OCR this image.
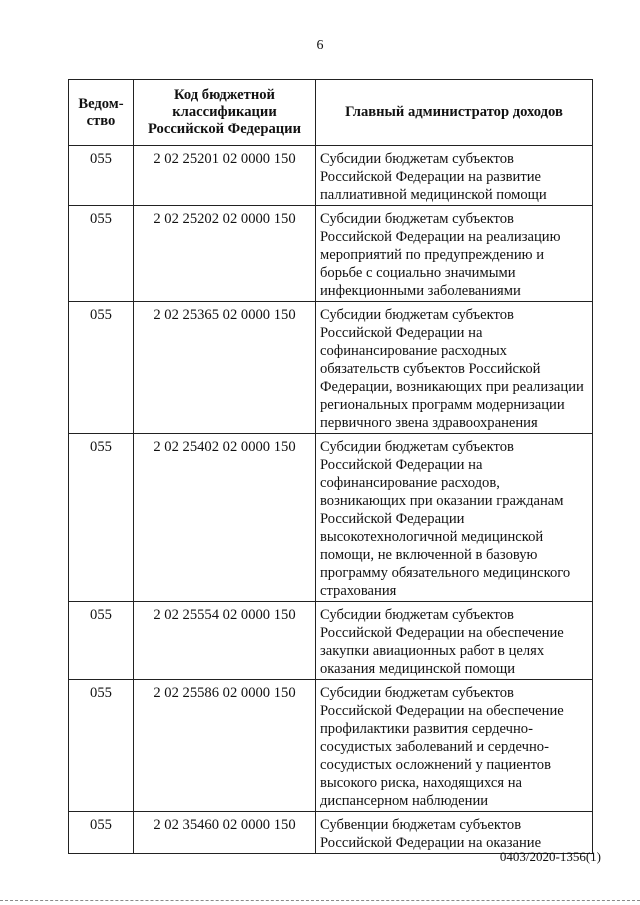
6
Ведом-ство	Код бюджетной классификации Российской Федерации	Главный администратор доходов
055	2 02 25201 02 0000 150	Субсидии бюджетам субъектов Российской Федерации на развитие паллиативной медицинской помощи
055	2 02 25202 02 0000 150	Субсидии бюджетам субъектов Российской Федерации на реализацию мероприятий по предупреждению и борьбе с социально значимыми инфекционными заболеваниями
055	2 02 25365 02 0000 150	Субсидии бюджетам субъектов Российской Федерации на софинансирование расходных обязательств субъектов Российской Федерации, возникающих при реализации региональных программ модернизации первичного звена здравоохранения
055	2 02 25402 02 0000 150	Субсидии бюджетам субъектов Российской Федерации на софинансирование расходов, возникающих при оказании гражданам Российской Федерации высокотехнологичной медицинской помощи, не включенной в базовую программу обязательного медицинского страхования
055	2 02 25554 02 0000 150	Субсидии бюджетам субъектов Российской Федерации на обеспечение закупки авиационных работ в целях оказания медицинской помощи
055	2 02 25586 02 0000 150	Субсидии бюджетам субъектов Российской Федерации на обеспечение профилактики развития сердечно-сосудистых заболеваний и сердечно-сосудистых осложнений у пациентов высокого риска, находящихся на диспансерном наблюдении
055	2 02 35460 02 0000 150	Субвенции бюджетам субъектов Российской Федерации на оказание
0403/2020-1356(1)
